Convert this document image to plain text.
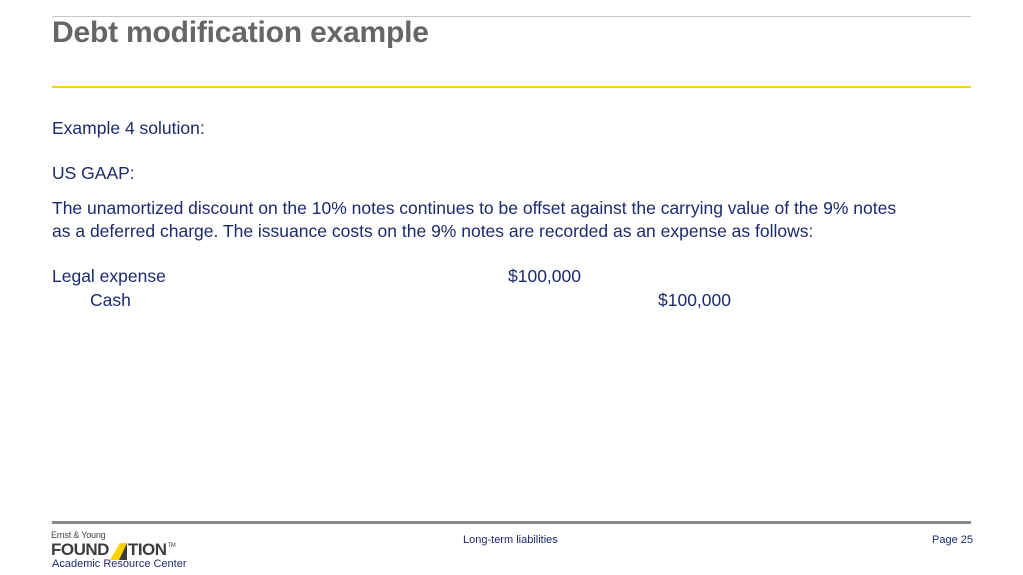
Debt modification example
Example 4 solution:
US GAAP:
The unamortized discount on the 10% notes continues to be offset against the carrying value of the 9% notes
as a deferred charge. The issuance costs on the 9% notes are recorded as an expense as follows:
Legal expense	$100,000
Cash	$100,000
Ernst & Young
FOUND TION™
Academic Resource Center
Long-term liabilities	Page 25
